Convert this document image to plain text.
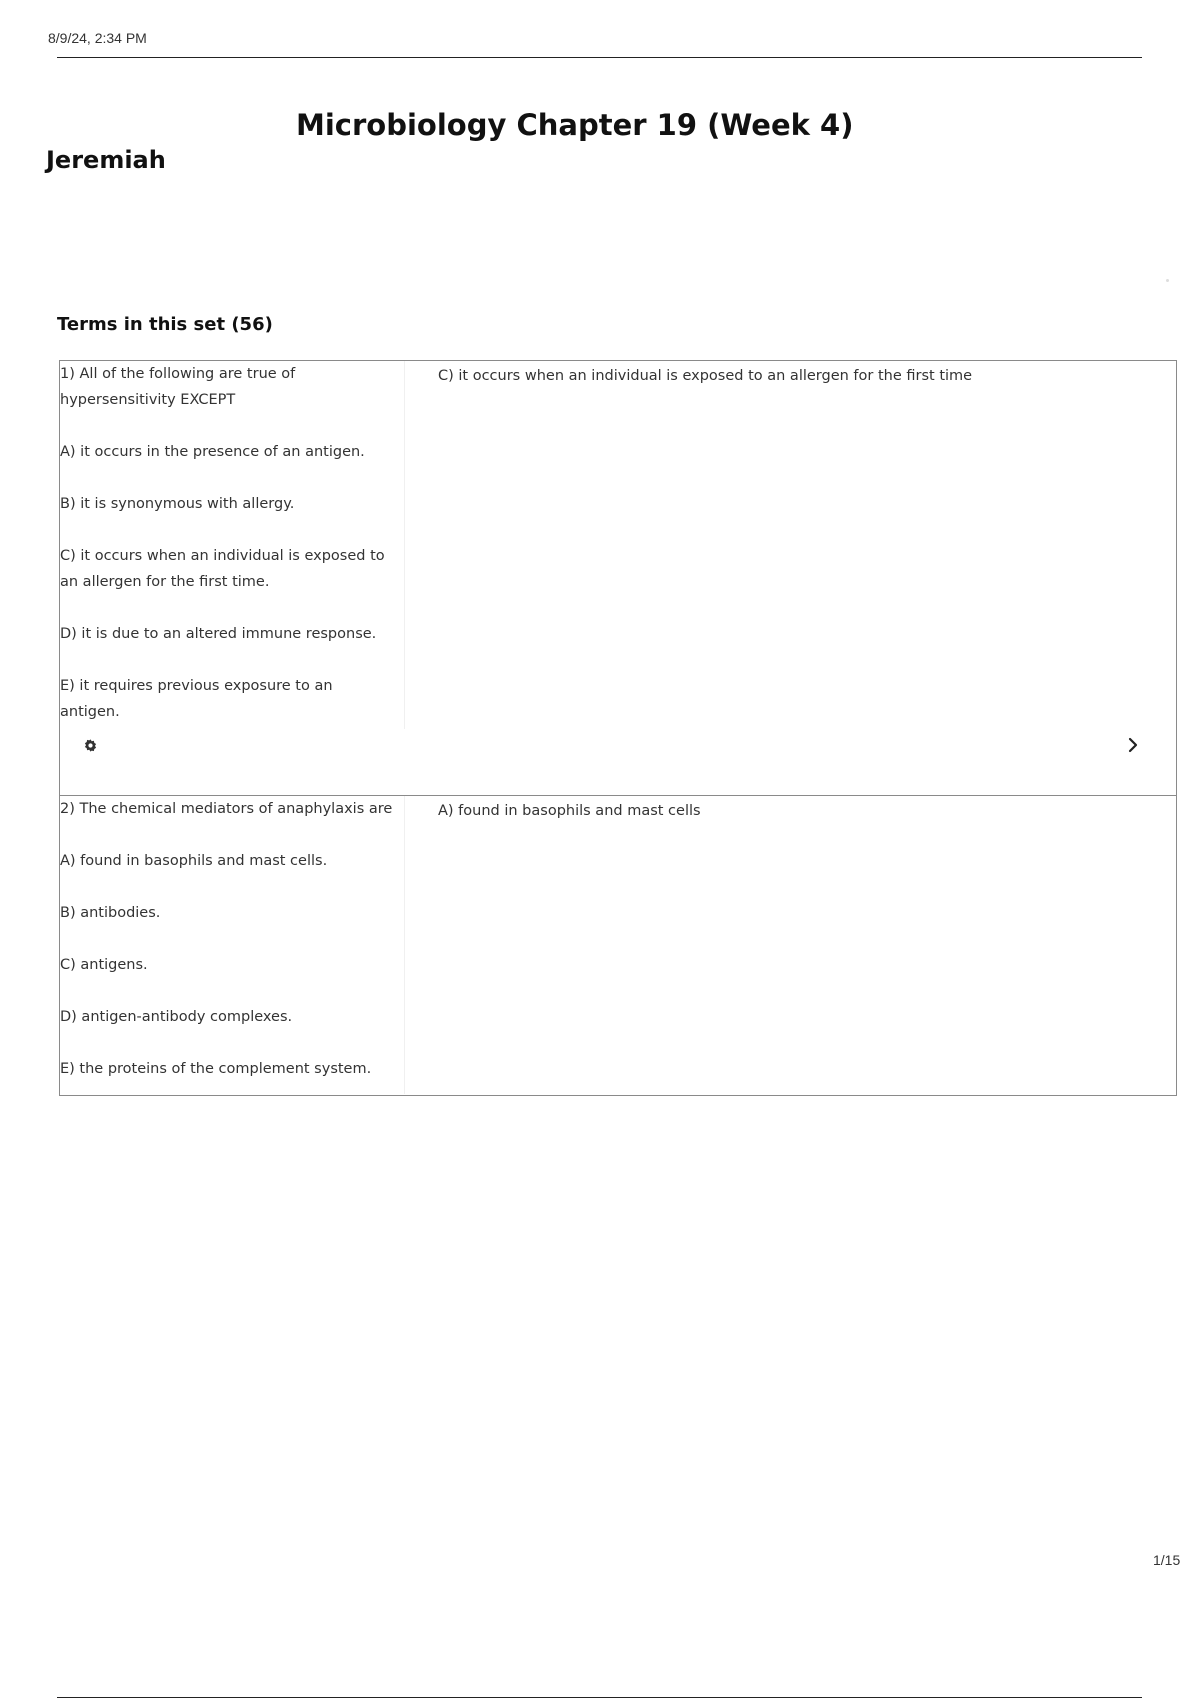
8/9/24, 2:34 PM
Microbiology Chapter 19 (Week 4)
Jeremiah
Terms in this set (56)
1) All of the following are true of
hypersensitivity EXCEPT
A) it occurs in the presence of an antigen.
B) it is synonymous with allergy.
C) it occurs when an individual is exposed to
an allergen for the first time.
D) it is due to an altered immune response.
E) it requires previous exposure to an
antigen.
C) it occurs when an individual is exposed to an allergen for the first time
2) The chemical mediators of anaphylaxis are
A) found in basophils and mast cells.
B) antibodies.
C) antigens.
D) antigen-antibody complexes.
E) the proteins of the complement system.
A) found in basophils and mast cells
1/15
